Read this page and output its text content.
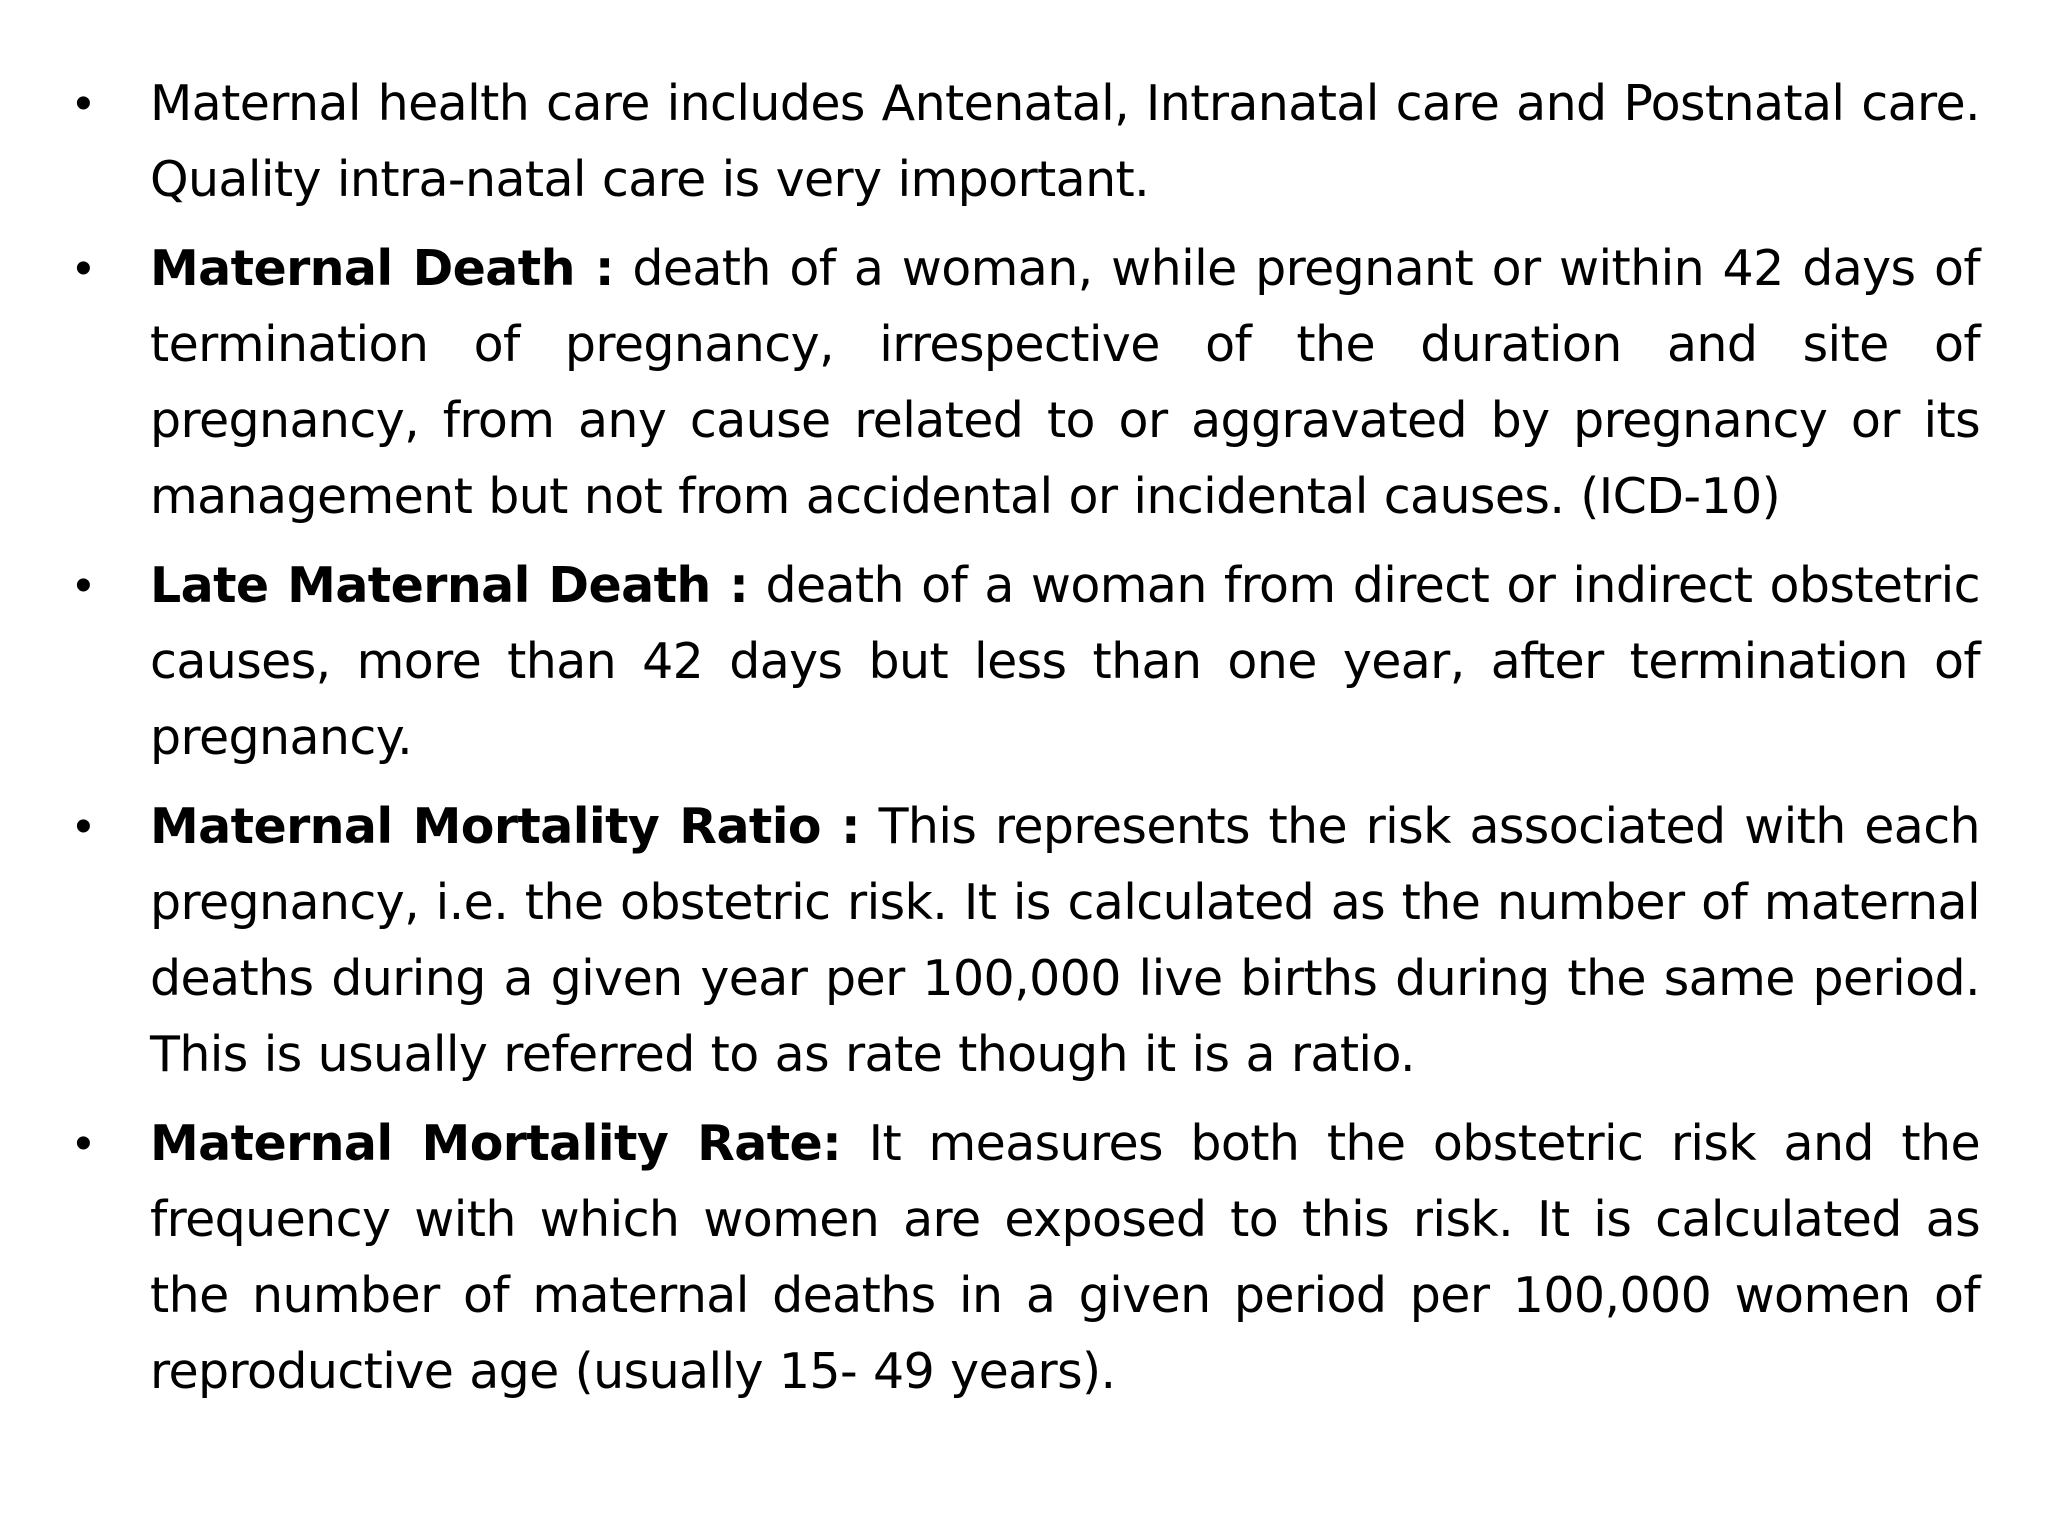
• Maternal health care includes Antenatal, Intranatal care and Postnatal care. Quality intra-natal care is very important.

• Maternal Death : death of a woman, while pregnant or within 42 days of termination of pregnancy, irrespective of the duration and site of pregnancy, from any cause related to or aggravated by pregnancy or its management but not from accidental or incidental causes. (ICD-10)

• Late Maternal Death : death of a woman from direct or indirect obstetric causes, more than 42 days but less than one year, after termination of pregnancy.

• Maternal Mortality Ratio : This represents the risk associated with each pregnancy, i.e. the obstetric risk. It is calculated as the number of maternal deaths during a given year per 100,000 live births during the same period. This is usually referred to as rate though it is a ratio.

• Maternal Mortality Rate: It measures both the obstetric risk and the frequency with which women are exposed to this risk. It is calculated as the number of maternal deaths in a given period per 100,000 women of reproductive age (usually 15- 49 years).
